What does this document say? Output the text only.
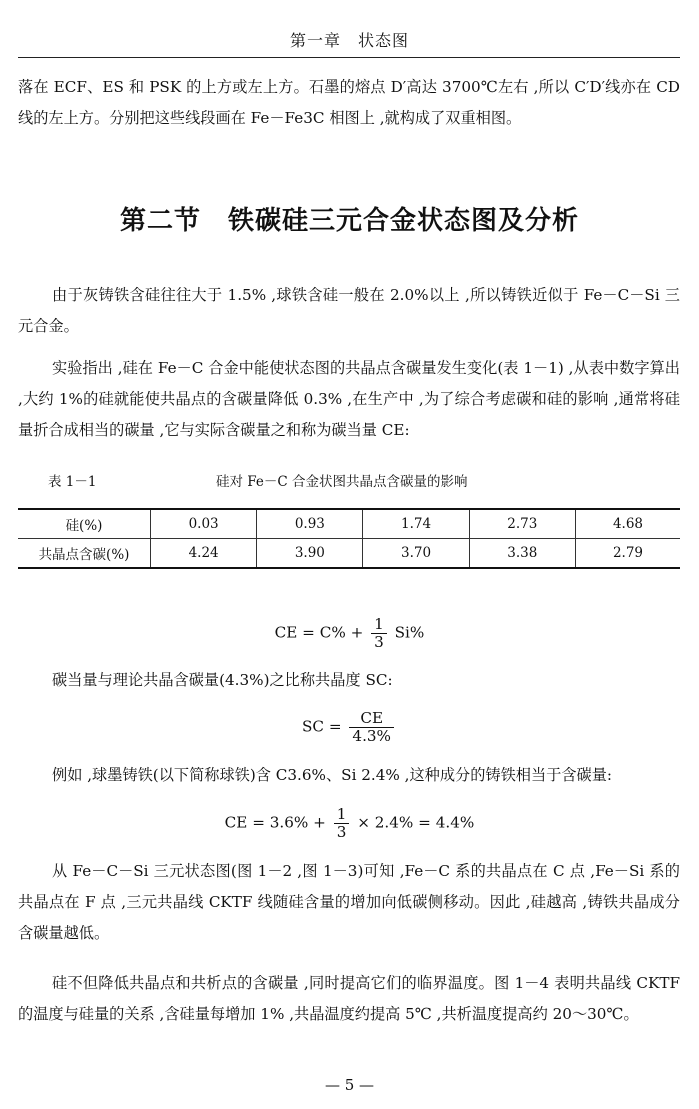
第一章　状态图

落在 ECF、ES 和 PSK 的上方或左上方。石墨的熔点 D′高达 3700℃左右 ,所以 C′D′线亦在 CD 线的左上方。分别把这些线段画在 Fe－Fe3C 相图上 ,就构成了双重相图。

第二节　铁碳硅三元合金状态图及分析

由于灰铸铁含硅往往大于 1.5% ,球铁含硅一般在 2.0%以上 ,所以铸铁近似于 Fe－C－Si 三元合金。

实验指出 ,硅在 Fe－C 合金中能使状态图的共晶点含碳量发生变化(表 1－1) ,从表中数字算出 ,大约 1%的硅就能使共晶点的含碳量降低 0.3% ,在生产中 ,为了综合考虑碳和硅的影响 ,通常将硅量折合成相当的碳量 ,它与实际含碳量之和称为碳当量 CE:

表 1－1	硅对 Fe－C 合金状图共晶点含碳量的影响
硅(%)	0.03	0.93	1.74	2.73	4.68
共晶点含碳(%)	4.24	3.90	3.70	3.38	2.79
CE = $C\% + \frac{1}{3} Si\%$

碳当量与理论共晶含碳量(4.3%)之比称共晶度 SC:

SC = $\frac{CE}{4.3\%}$

例如 ,球墨铸铁(以下简称球铁)含 C3.6%、Si 2.4% ,这种成分的铸铁相当于含碳量:

CE = $3.6\% + \frac{1}{3} \times 2.4\% = 4.4\%$

从 Fe－C－Si 三元状态图(图 1－2 ,图 1－3)可知 ,Fe－C 系的共晶点在 C 点 ,Fe－Si 系的共晶点在 F 点 ,三元共晶线 CKTF 线随硅含量的增加向低碳侧移动。因此 ,硅越高 ,铸铁共晶成分含碳量越低。

硅不但降低共晶点和共析点的含碳量 ,同时提高它们的临界温度。图 1－4 表明共晶线 CKTF 的温度与硅量的关系 ,含硅量每增加 1% ,共晶温度约提高 5℃ ,共析温度提高约 20～30℃。

— 5 —
